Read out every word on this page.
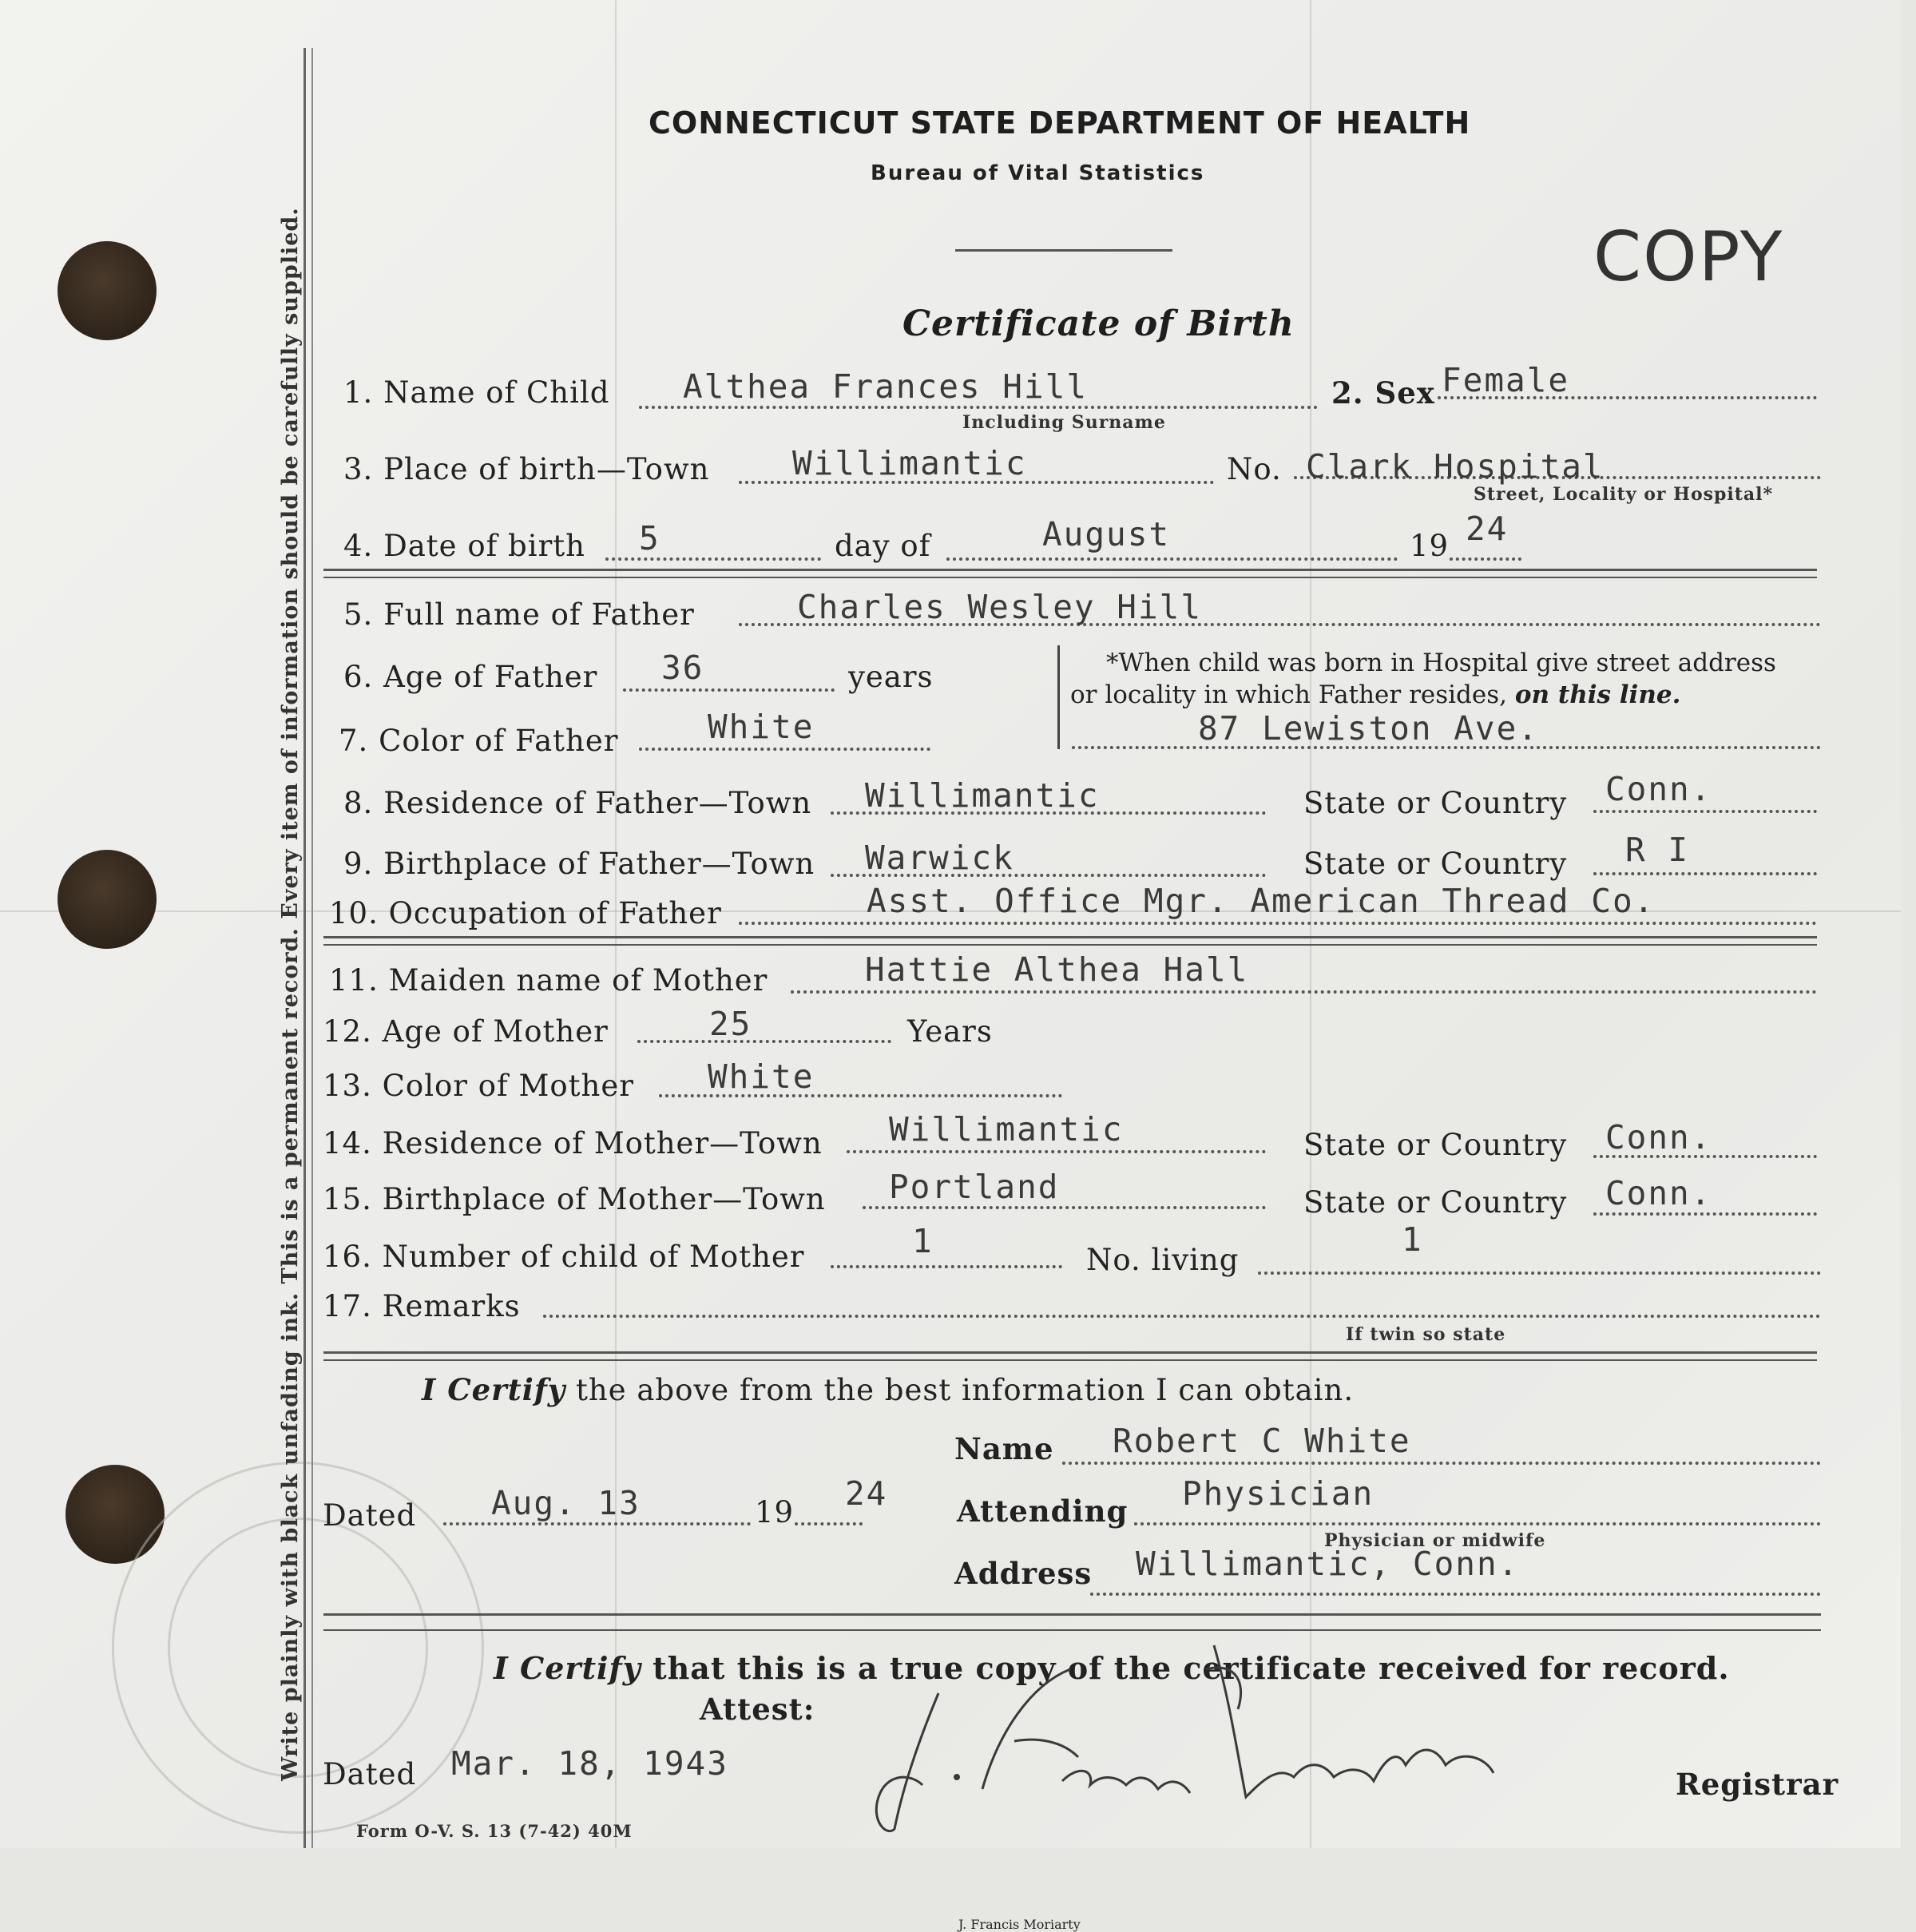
Write plainly with black unfading ink. This is a permanent record. Every item of information should be carefully supplied.
CONNECTICUT STATE DEPARTMENT OF HEALTH
Bureau of Vital Statistics
COPY
Certificate of Birth
1. Name of Child Althea Frances Hill
Including Surname
2. Sex Female
3. Place of birth—Town	Willimantic	No. Clark Hospital
Street, Locality or Hospital*
4. Date of birth 5	day of	August	19 24
5. Full name of Father	Charles Wesley Hill
6. Age of Father 36	years	*When child was born in Hospital give street address
or locality in which Father resides, on this line.
87 Lewiston Ave.
7. Color of Father	White
8. Residence of Father—Town Willimantic	State or Country Conn.
9. Birthplace of Father—Town Warwick	State or Country R I
10. Occupation of Father	Asst. Office Mgr. American Thread Co.
11. Maiden name of Mother	Hattie Althea Hall
12. Age of Mother	25	Years
13. Color of Mother White
14. Residence of Mother—Town Willimantic	State or Country Conn.
15. Birthplace of Mother—Town Portland	State or Country Conn.
16. Number of child of Mother	1	No. living
1
17. Remarks
If twin so state
I Certify the above from the best information I can obtain.
Name Robert C White
Dated Aug. 13	19 24 Attending Physician
Physician or midwife
Address Willimantic, Conn.
I Certify that this is a true copy of the certificate received for record.
Attest:
Dated Mar. 18, 1943
J. Francis Moriarty
Registrar
Form O-V. S. 13 (7-42) 40M
